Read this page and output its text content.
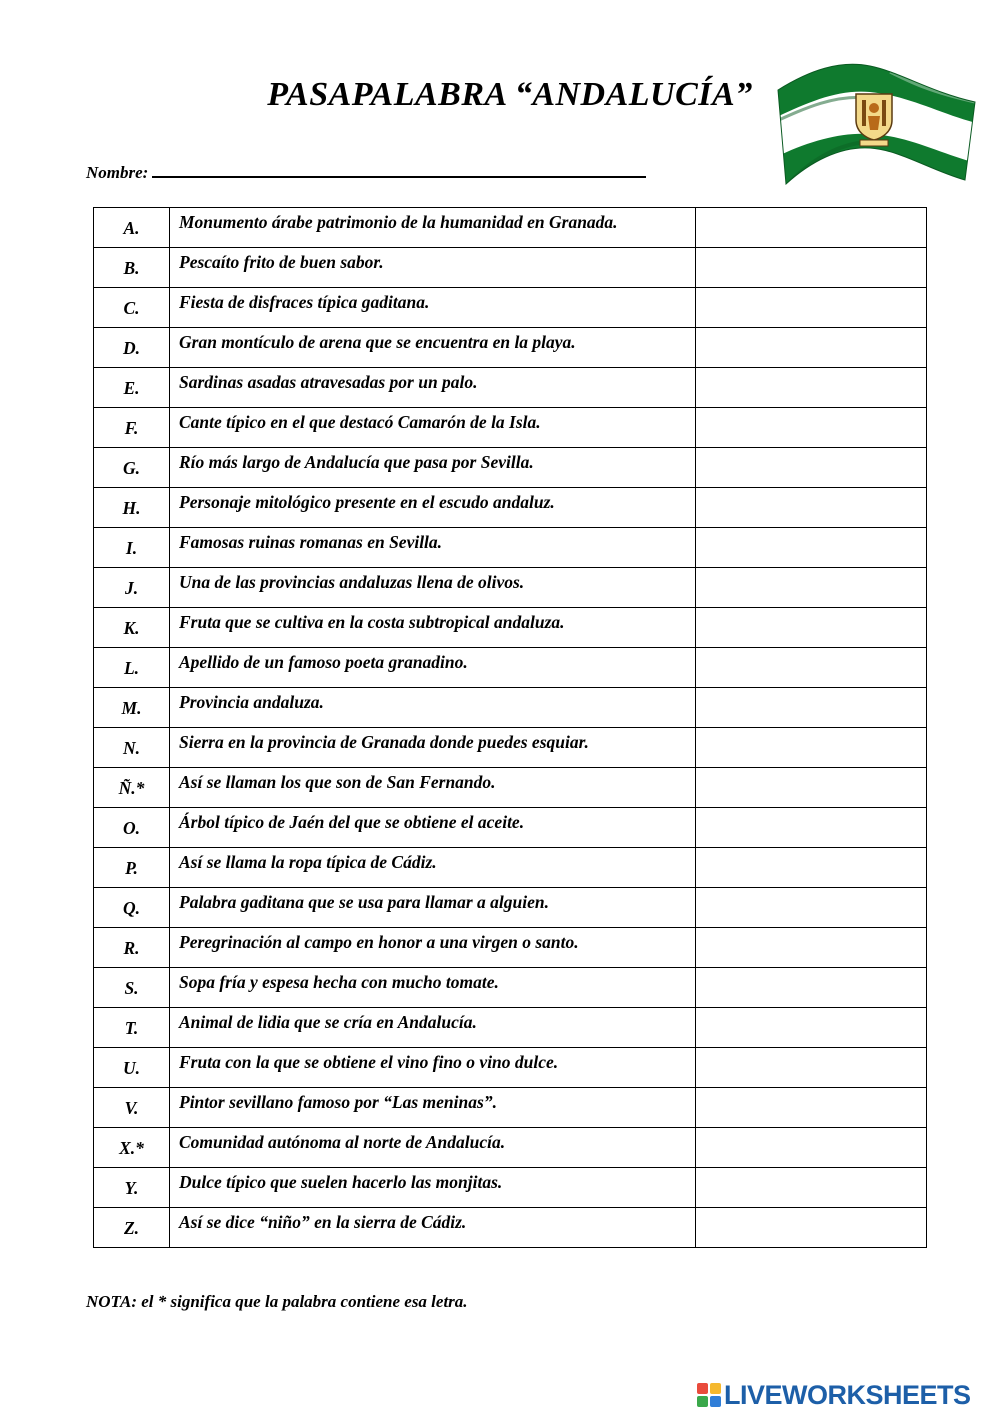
PASAPALABRA “ANDALUCÍA”
Nombre:
A.	Monumento árabe patrimonio de la humanidad en Granada.	
B.	Pescaíto frito de buen sabor.	
C.	Fiesta de disfraces típica gaditana.	
D.	Gran montículo de arena que se encuentra en la playa.	
E.	Sardinas asadas atravesadas por un palo.	
F.	Cante típico en el que destacó Camarón de la Isla.	
G.	Río más largo de Andalucía que pasa por Sevilla.	
H.	Personaje mitológico presente en el escudo andaluz.	
I.	Famosas ruinas romanas en Sevilla.	
J.	Una de las provincias andaluzas llena de olivos.	
K.	Fruta que se cultiva en la costa subtropical andaluza.	
L.	Apellido de un famoso poeta granadino.	
M.	Provincia andaluza.	
N.	Sierra en la provincia de Granada donde puedes esquiar.	
Ñ.*	Así se llaman los que son de San Fernando.	
O.	Árbol típico de Jaén del que se obtiene el aceite.	
P.	Así se llama la ropa típica de Cádiz.	
Q.	Palabra gaditana que se usa para llamar a alguien.	
R.	Peregrinación al campo en honor a una virgen o santo.	
S.	Sopa fría y espesa hecha con mucho tomate.	
T.	Animal de lidia que se cría en Andalucía.	
U.	Fruta con la que se obtiene el vino fino o vino dulce.	
V.	Pintor sevillano famoso por “Las meninas”.	
X.*	Comunidad autónoma al norte de Andalucía.	
Y.	Dulce típico que suelen hacerlo las monjitas.	
Z.	Así se dice “niño” en la sierra de Cádiz.	
NOTA: el * significa que la palabra contiene esa letra.
LIVEWORKSHEETS
